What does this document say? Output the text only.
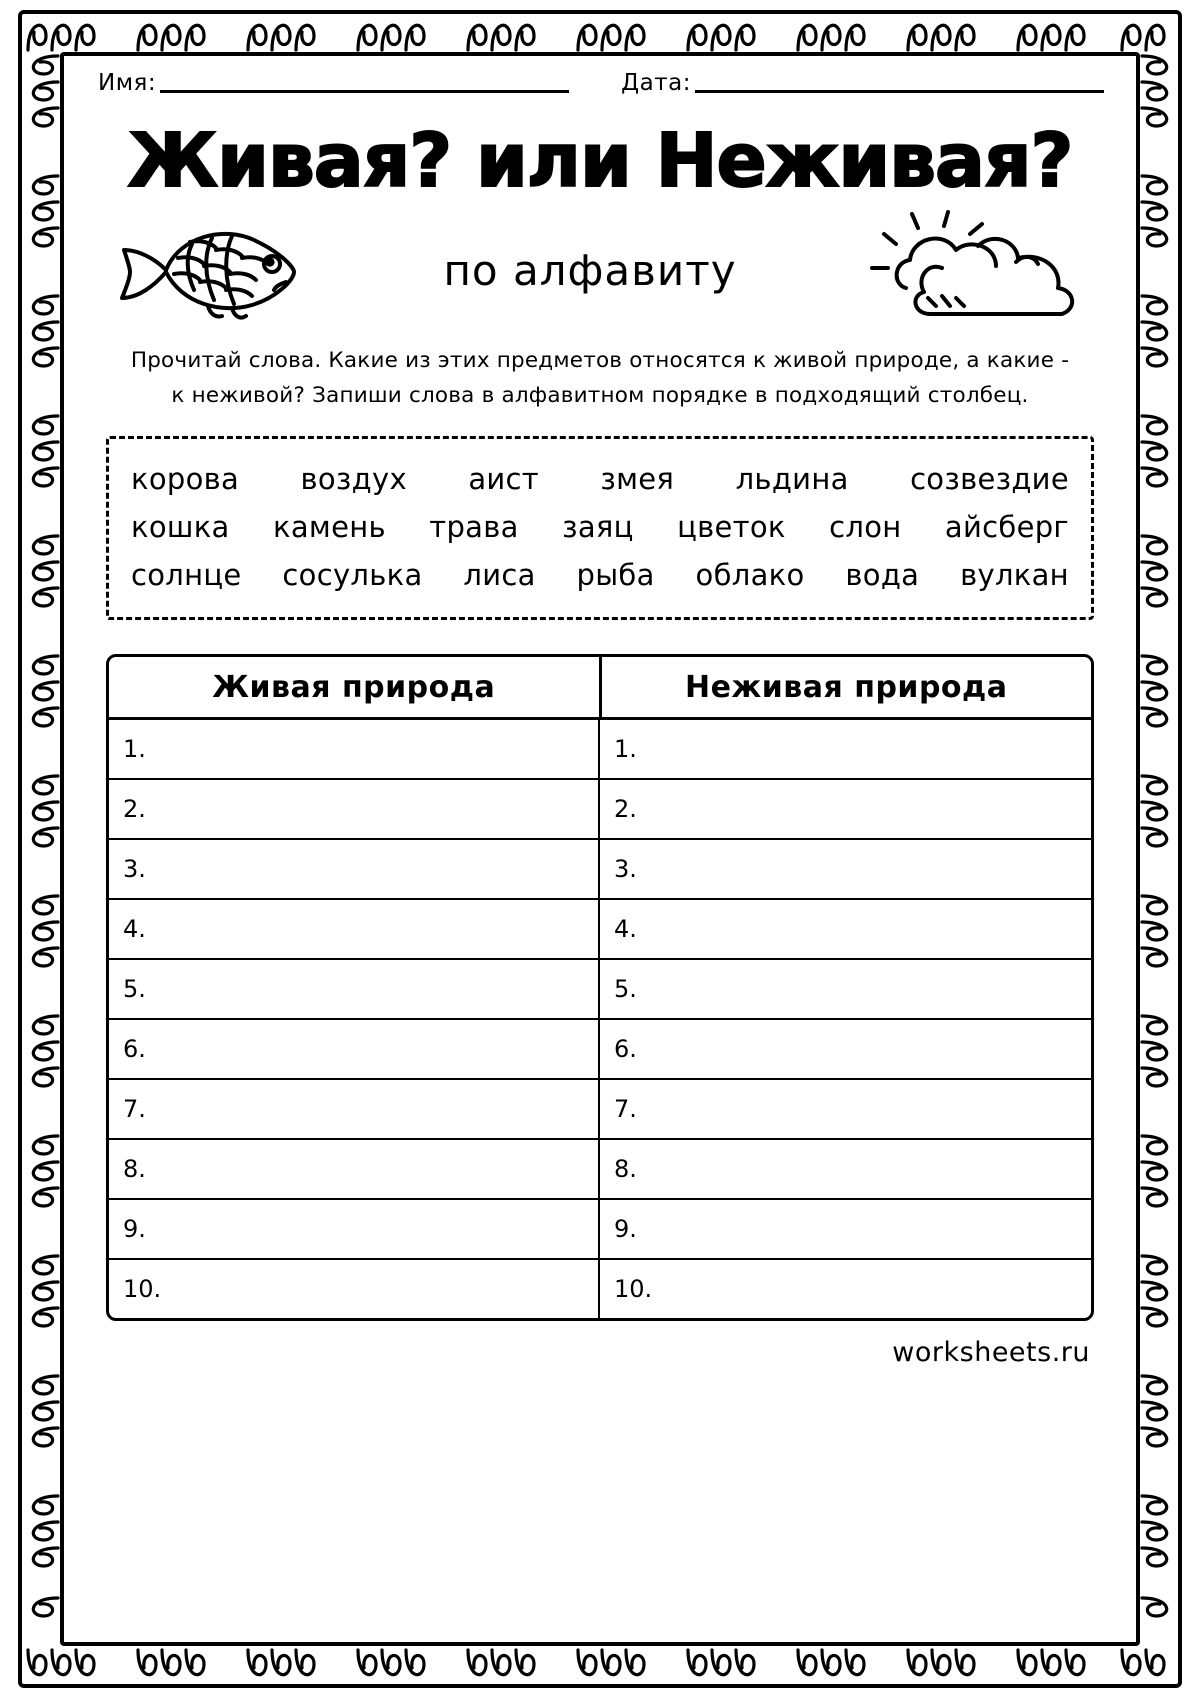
Имя:	Дата:
Живая? или Неживая?
по алфавиту
Прочитай слова. Какие из этих предметов относятся к живой природе, а какие - к неживой? Запиши слова в алфавитном порядке в подходящий столбец.
корова воздух аист змея льдина созвездие
кошка камень трава заяц цветок слон айсберг
солнце сосулька лиса рыба облако вода вулкан
Живая природа	Неживая природа
1.	1.
2.	2.
3.	3.
4.	4.
5.	5.
6.	6.
7.	7.
8.	8.
9.	9.
10.	10.
worksheets.ru
